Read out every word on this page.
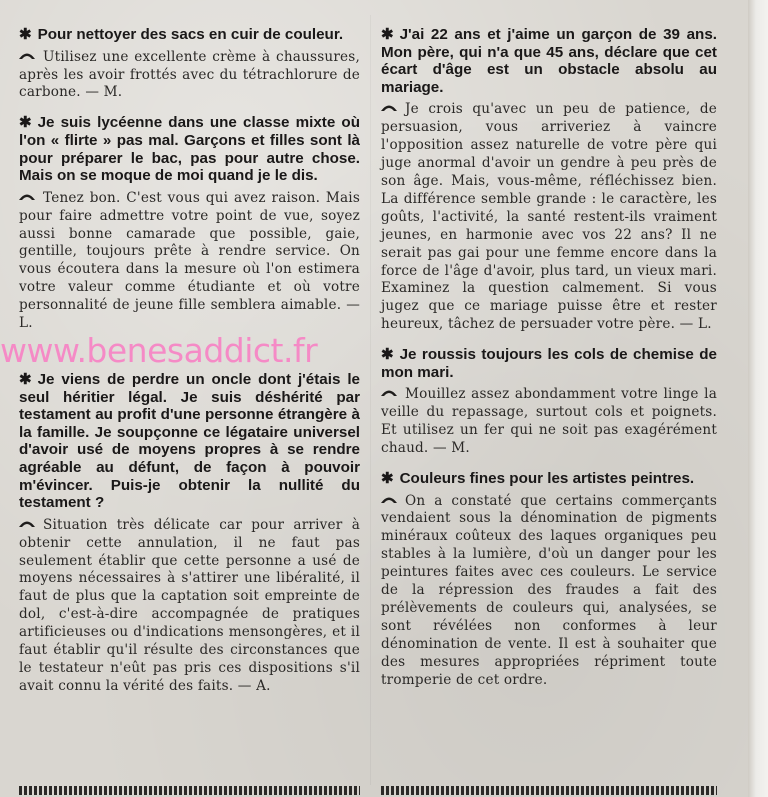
✱ Pour nettoyer des sacs en cuir de couleur.

Utilisez une excellente crème à chaussures, après les avoir frottés avec du tétrachlorure de carbone. — M.

✱ Je suis lycéenne dans une classe mixte où l'on « flirte » pas mal. Garçons et filles sont là pour préparer le bac, pas pour autre chose. Mais on se moque de moi quand je le dis.

Tenez bon. C'est vous qui avez raison. Mais pour faire admettre votre point de vue, soyez aussi bonne camarade que possible, gaie, gentille, toujours prête à rendre service. On vous écoutera dans la mesure où l'on estimera votre valeur comme étudiante et où votre personnalité de jeune fille semblera aimable. — L.

www.benesaddict.fr

✱ Je viens de perdre un oncle dont j'étais le seul héritier légal. Je suis déshérité par testament au profit d'une personne étrangère à la famille. Je soupçonne ce légataire universel d'avoir usé de moyens propres à se rendre agréable au défunt, de façon à pouvoir m'évincer. Puis-je obtenir la nullité du testament ?

Situation très délicate car pour arriver à obtenir cette annulation, il ne faut pas seulement établir que cette personne a usé de moyens nécessaires à s'attirer une libéralité, il faut de plus que la captation soit empreinte de dol, c'est-à-dire accompagnée de pratiques artificieuses ou d'indications mensongères, et il faut établir qu'il résulte des circonstances que le testateur n'eût pas pris ces dispositions s'il avait connu la vérité des faits. — A.

✱ J'ai 22 ans et j'aime un garçon de 39 ans. Mon père, qui n'a que 45 ans, déclare que cet écart d'âge est un obstacle absolu au mariage.

Je crois qu'avec un peu de patience, de persuasion, vous arriveriez à vaincre l'opposition assez naturelle de votre père qui juge anormal d'avoir un gendre à peu près de son âge. Mais, vous-même, réfléchissez bien. La différence semble grande : le caractère, les goûts, l'activité, la santé restent-ils vraiment jeunes, en harmonie avec vos 22 ans? Il ne serait pas gai pour une femme encore dans la force de l'âge d'avoir, plus tard, un vieux mari. Examinez la question calmement. Si vous jugez que ce mariage puisse être et rester heureux, tâchez de persuader votre père. — L.

✱ Je roussis toujours les cols de chemise de mon mari.

Mouillez assez abondamment votre linge la veille du repassage, surtout cols et poignets. Et utilisez un fer qui ne soit pas exagérément chaud. — M.

✱ Couleurs fines pour les artistes peintres.

On a constaté que certains commerçants vendaient sous la dénomination de pigments minéraux coûteux des laques organiques peu stables à la lumière, d'où un danger pour les peintures faites avec ces couleurs. Le service de la répression des fraudes a fait des prélèvements de couleurs qui, analysées, se sont révélées non conformes à leur dénomination de vente. Il est à souhaiter que des mesures appropriées répriment toute tromperie de cet ordre.
